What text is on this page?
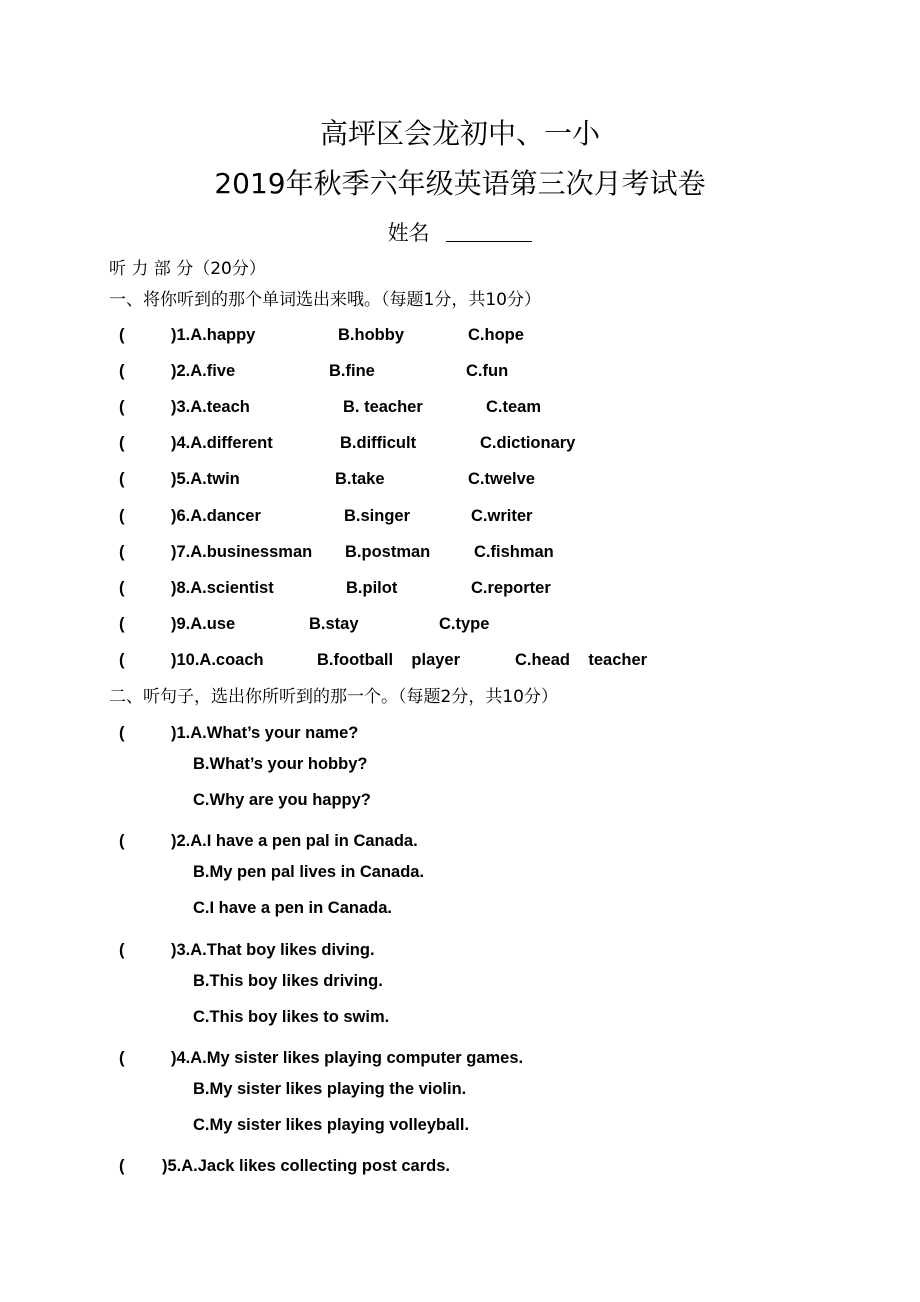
高坪区会龙初中、一小
2019年秋季六年级英语第三次月考试卷
姓名
听 力 部 分（20分）
一、将你听到的那个单词选出来哦。（每题1分，共10分）
(	)1.A.happy	B.hobby	C.hope
(	)2.A.five	B.fine	C.fun
(	)3.A.teach	B. teacher	C.team
(	)4.A.different	B.difficult	C.dictionary
(	)5.A.twin	B.take	C.twelve
(	)6.A.dancer	B.singer	C.writer
(	)7.A.businessman B.postman	C.fishman
(	)8.A.scientist	B.pilot	C.reporter
(	)9.A.use	B.stay	C.type
(	)10.A.coach	B.football    player	C.head    teacher
二、听句子，选出你所听到的那一个。（每题2分，共10分）
(	)1.A.What’s your name?
B.What’s your hobby?
C.Why are you happy?
(	)2.A.I have a pen pal in Canada.
B.My pen pal lives in Canada.
C.I have a pen in Canada.
(	)3.A.That boy likes diving.
B.This boy likes driving.
C.This boy likes to swim.
(	)4.A.My sister likes playing computer games.
B.My sister likes playing the violin.
C.My sister likes playing volleyball.
( )5.A.Jack likes collecting post cards.
